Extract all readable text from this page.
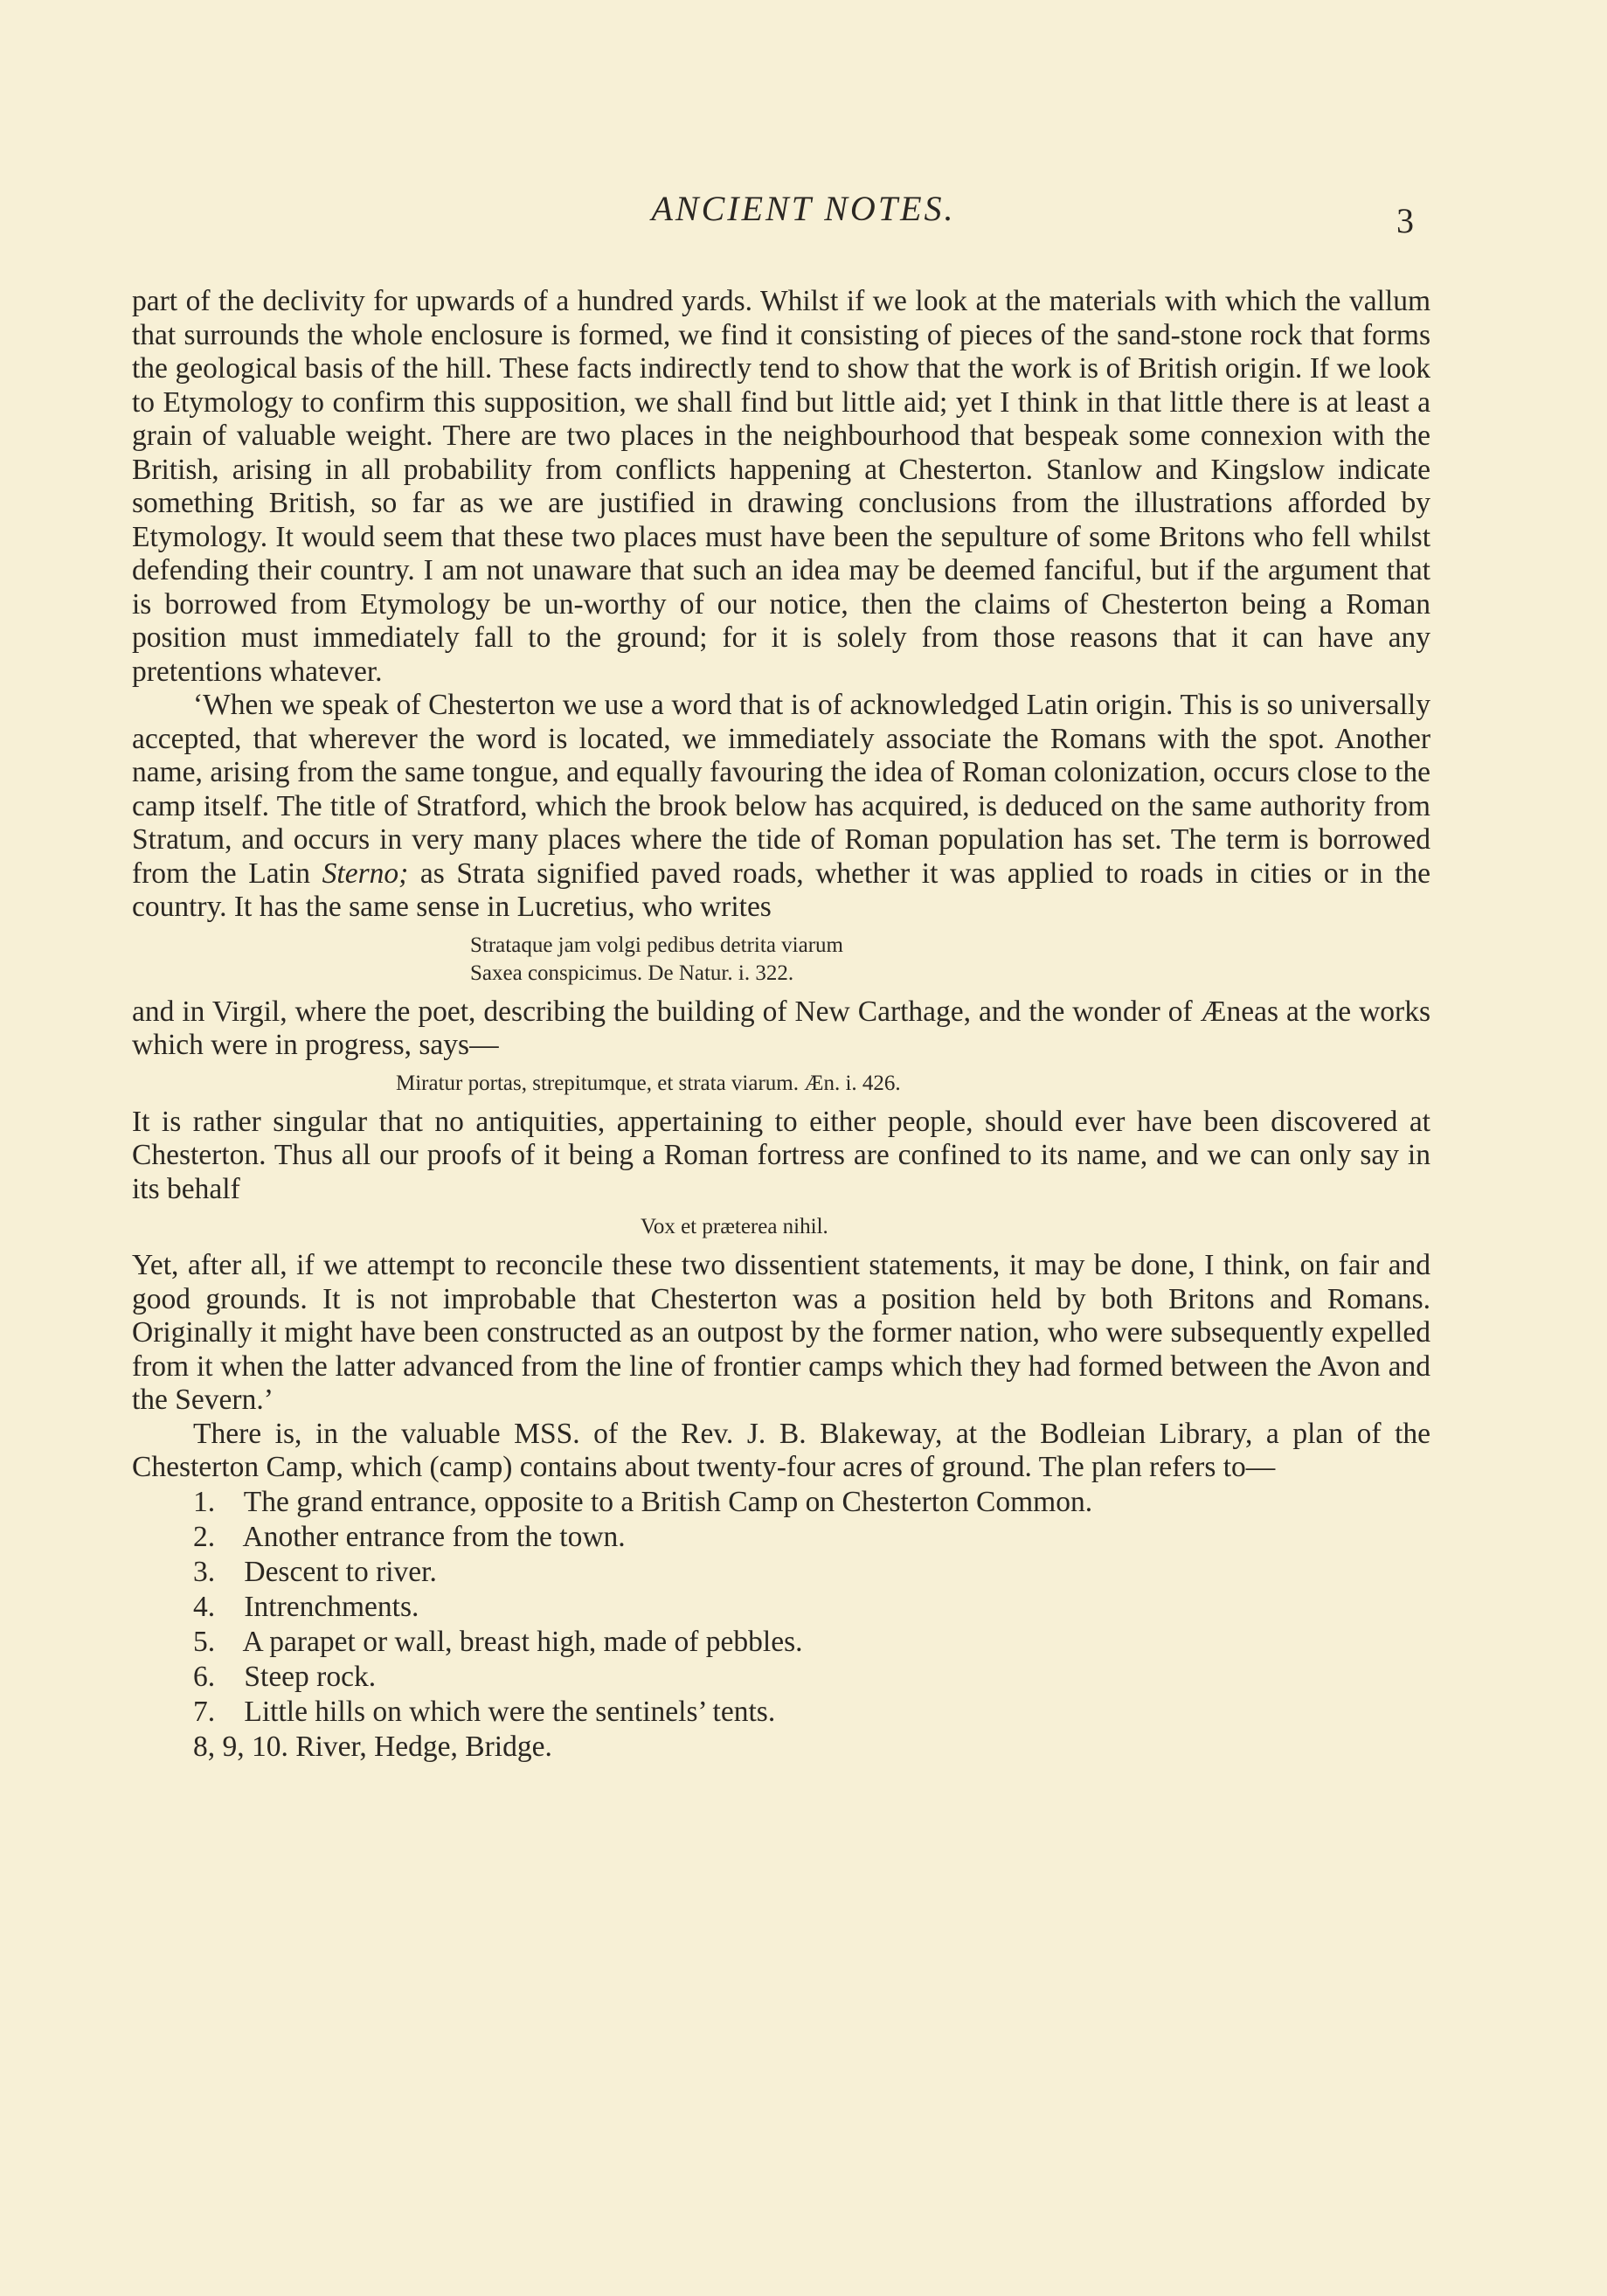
ANCIENT NOTES.	3

part of the declivity for upwards of a hundred yards. Whilst if we look at the materials with which the vallum that surrounds the whole enclosure is formed, we find it consisting of pieces of the sand-stone rock that forms the geological basis of the hill. These facts indirectly tend to show that the work is of British origin. If we look to Etymology to confirm this supposition, we shall find but little aid; yet I think in that little there is at least a grain of valuable weight. There are two places in the neighbourhood that bespeak some connexion with the British, arising in all probability from conflicts happening at Chesterton. Stanlow and Kingslow indicate something British, so far as we are justified in drawing conclusions from the illustrations afforded by Etymology. It would seem that these two places must have been the sepulture of some Britons who fell whilst defending their country. I am not unaware that such an idea may be deemed fanciful, but if the argument that is borrowed from Etymology be un-worthy of our notice, then the claims of Chesterton being a Roman position must immediately fall to the ground; for it is solely from those reasons that it can have any pretentions whatever.

‘When we speak of Chesterton we use a word that is of acknowledged Latin origin. This is so universally accepted, that wherever the word is located, we immediately associate the Romans with the spot. Another name, arising from the same tongue, and equally favouring the idea of Roman colonization, occurs close to the camp itself. The title of Stratford, which the brook below has acquired, is deduced on the same authority from Stratum, and occurs in very many places where the tide of Roman population has set. The term is borrowed from the Latin Sterno; as Strata signified paved roads, whether it was applied to roads in cities or in the country. It has the same sense in Lucretius, who writes

Strataque jam volgi pedibus detrita viarum
Saxea conspicimus. De Natur. i. 322.

and in Virgil, where the poet, describing the building of New Carthage, and the wonder of Æneas at the works which were in progress, says—

Miratur portas, strepitumque, et strata viarum. Æn. i. 426.

It is rather singular that no antiquities, appertaining to either people, should ever have been discovered at Chesterton. Thus all our proofs of it being a Roman fortress are confined to its name, and we can only say in its behalf

Vox et præterea nihil.

Yet, after all, if we attempt to reconcile these two dissentient statements, it may be done, I think, on fair and good grounds. It is not improbable that Chesterton was a position held by both Britons and Romans. Originally it might have been constructed as an outpost by the former nation, who were subsequently expelled from it when the latter advanced from the line of frontier camps which they had formed between the Avon and the Severn.’

There is, in the valuable MSS. of the Rev. J. B. Blakeway, at the Bodleian Library, a plan of the Chesterton Camp, which (camp) contains about twenty-four acres of ground. The plan refers to—

1. The grand entrance, opposite to a British Camp on Chesterton Common.
2. Another entrance from the town.
3. Descent to river.
4. Intrenchments.
5. A parapet or wall, breast high, made of pebbles.
6. Steep rock.
7. Little hills on which were the sentinels’ tents.
8, 9, 10. River, Hedge, Bridge.
